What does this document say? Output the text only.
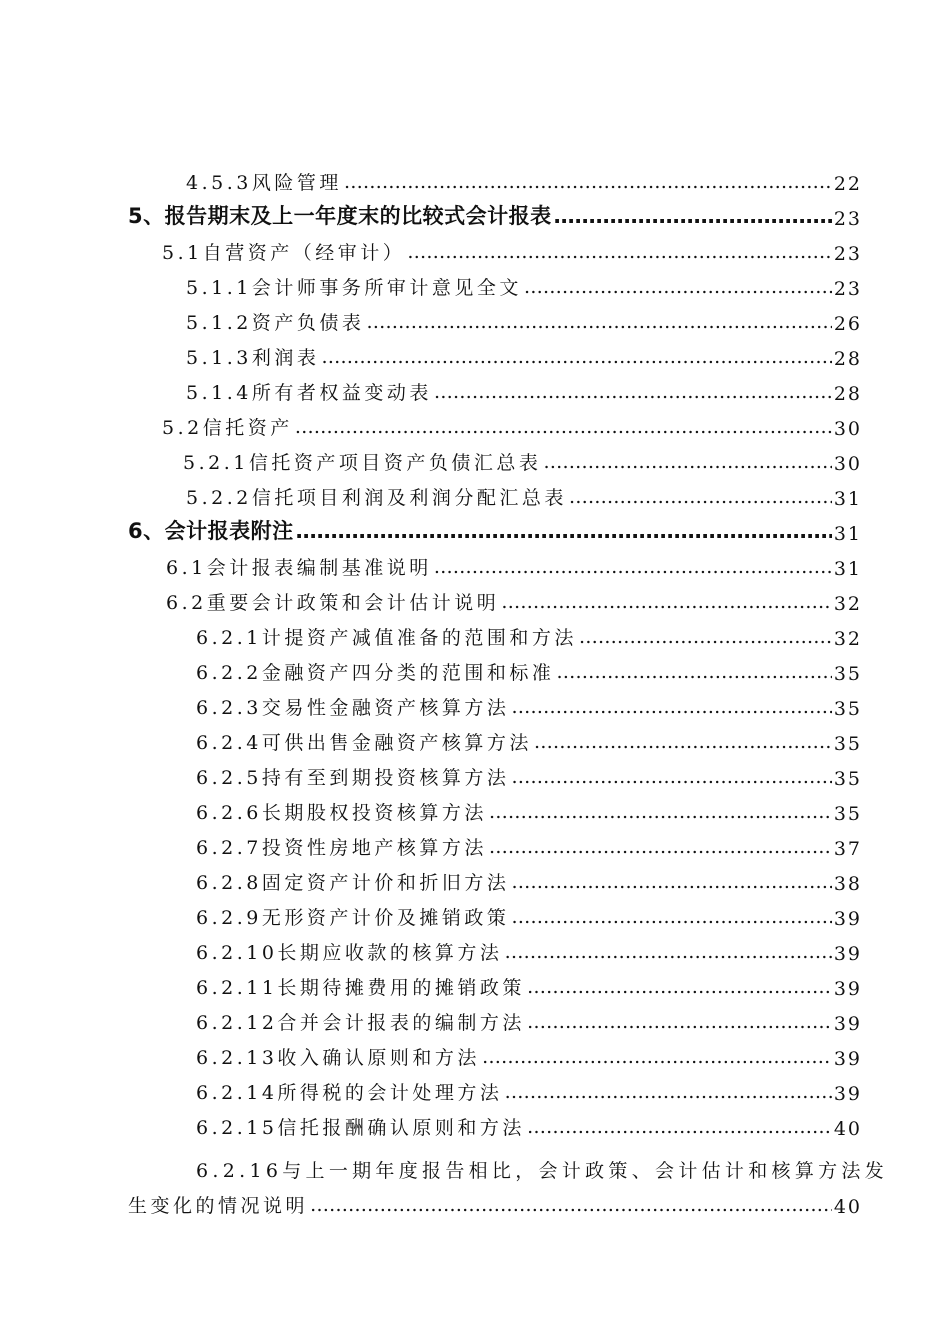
4.5.3风险管理 …………………………………………………………………………………………………………………………………………………………………………………………………………………	22
5、报告期末及上一年度末的比较式会计报表 …………………………………………………………………………………………………………………………………………………………………………………………………………………	23
5.1自营资产（经审计） …………………………………………………………………………………………………………………………………………………………………………………………………………………	23
5.1.1会计师事务所审计意见全文 …………………………………………………………………………………………………………………………………………………………………………………………………………………	23
5.1.2资产负债表 …………………………………………………………………………………………………………………………………………………………………………………………………………………	26
5.1.3利润表 …………………………………………………………………………………………………………………………………………………………………………………………………………………	28
5.1.4所有者权益变动表 …………………………………………………………………………………………………………………………………………………………………………………………………………………	28
5.2信托资产 …………………………………………………………………………………………………………………………………………………………………………………………………………………	30
5.2.1信托资产项目资产负债汇总表 …………………………………………………………………………………………………………………………………………………………………………………………………………………	30
5.2.2信托项目利润及利润分配汇总表 …………………………………………………………………………………………………………………………………………………………………………………………………………………	31
6、会计报表附注 …………………………………………………………………………………………………………………………………………………………………………………………………………………	31
6.1会计报表编制基准说明 …………………………………………………………………………………………………………………………………………………………………………………………………………………	31
6.2重要会计政策和会计估计说明 …………………………………………………………………………………………………………………………………………………………………………………………………………………	32
6.2.1计提资产减值准备的范围和方法 …………………………………………………………………………………………………………………………………………………………………………………………………………………	32
6.2.2金融资产四分类的范围和标准 …………………………………………………………………………………………………………………………………………………………………………………………………………………	35
6.2.3交易性金融资产核算方法 …………………………………………………………………………………………………………………………………………………………………………………………………………………	35
6.2.4可供出售金融资产核算方法 …………………………………………………………………………………………………………………………………………………………………………………………………………………	35
6.2.5持有至到期投资核算方法 …………………………………………………………………………………………………………………………………………………………………………………………………………………	35
6.2.6长期股权投资核算方法 …………………………………………………………………………………………………………………………………………………………………………………………………………………	35
6.2.7投资性房地产核算方法 …………………………………………………………………………………………………………………………………………………………………………………………………………………	37
6.2.8固定资产计价和折旧方法 …………………………………………………………………………………………………………………………………………………………………………………………………………………	38
6.2.9无形资产计价及摊销政策 …………………………………………………………………………………………………………………………………………………………………………………………………………………	39
6.2.10长期应收款的核算方法 …………………………………………………………………………………………………………………………………………………………………………………………………………………	39
6.2.11长期待摊费用的摊销政策 …………………………………………………………………………………………………………………………………………………………………………………………………………………	39
6.2.12合并会计报表的编制方法 …………………………………………………………………………………………………………………………………………………………………………………………………………………	39
6.2.13收入确认原则和方法 …………………………………………………………………………………………………………………………………………………………………………………………………………………	39
6.2.14所得税的会计处理方法 …………………………………………………………………………………………………………………………………………………………………………………………………………………	39
6.2.15信托报酬确认原则和方法 …………………………………………………………………………………………………………………………………………………………………………………………………………………	40
6.2.16与上一期年度报告相比，会计政策、会计估计和核算方法发
生变化的情况说明 …………………………………………………………………………………………………………………………………………………………………………………………………………………	40
